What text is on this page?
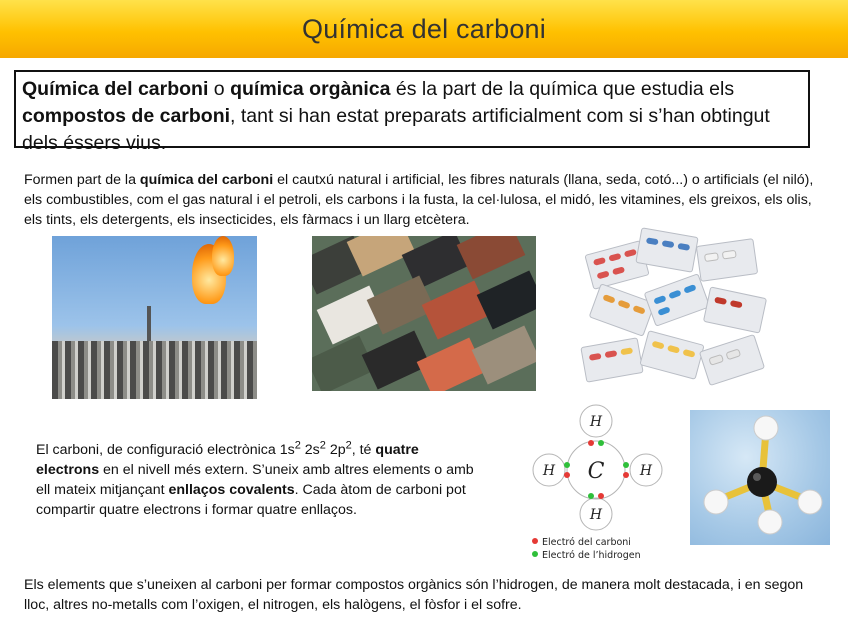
Química del carboni
Química del carboni o química orgànica és la part de la química que estudia els compostos de carboni, tant si han estat preparats artificialment com si s’han obtingut dels éssers vius.
Formen part de la química del carboni el cautxú natural i artificial, les fibres naturals (llana, seda, cotó...) o artificials (el niló), els combustibles, com el gas natural i el petroli, els carbons i la fusta, la cel·lulosa, el midó, les vitamines, els greixos, els olis, els tints, els detergents, els insecticides, els fàrmacs i un llarg etcètera.
El carboni, de configuració electrònica $1s^2$ $2s^2$ $2p^2$, té quatre electrons en el nivell més extern. S’uneix amb altres elements o amb ell mateix mitjançant enllaços covalents. Cada àtom de carboni pot compartir quatre electrons i formar quatre enllaços.
C
H
H
H	H
Electró del carboni
Electró de l’hidrogen
Els elements que s’uneixen al carboni per formar compostos orgànics són l’hidrogen, de manera molt destacada, i en segon lloc, altres no-metalls com l’oxigen, el nitrogen, els halògens, el fòsfor i el sofre.
